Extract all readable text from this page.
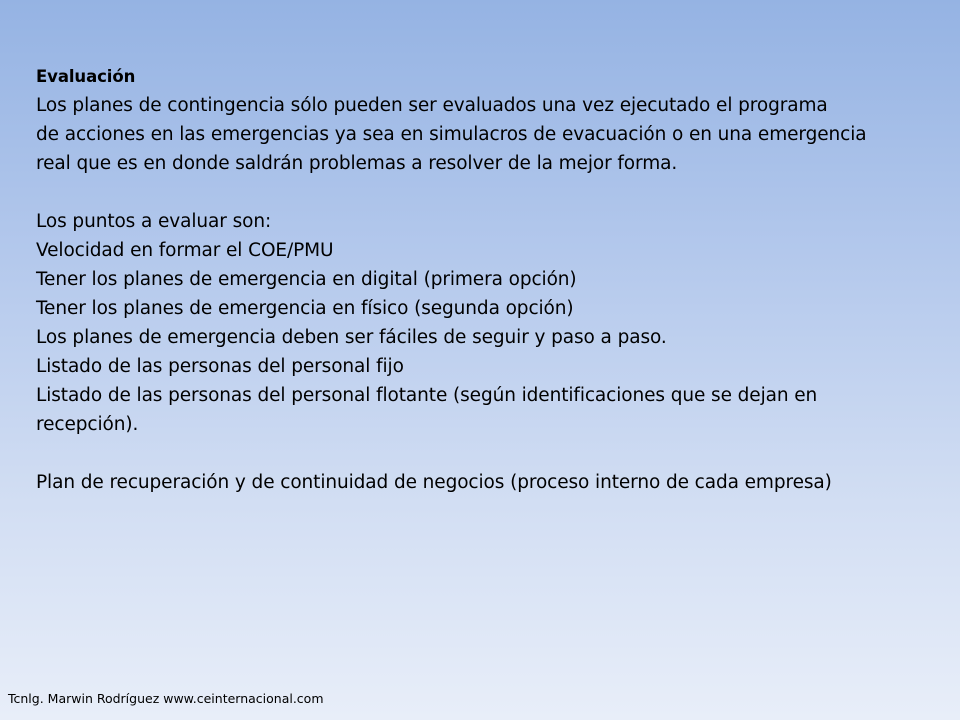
Evaluación
Los planes de contingencia sólo pueden ser evaluados una vez ejecutado el programa
de acciones en las emergencias ya sea en simulacros de evacuación o en una emergencia
real que es en donde saldrán problemas a resolver de la mejor forma.
Los puntos a evaluar son:
Velocidad en formar el COE/PMU
Tener los planes de emergencia en digital (primera opción)
Tener los planes de emergencia en físico (segunda opción)
Los planes de emergencia deben ser fáciles de seguir y paso a paso.
Listado de las personas del personal fijo
Listado de las personas del personal flotante (según identificaciones que se dejan en
recepción).
Plan de recuperación y de continuidad de negocios (proceso interno de cada empresa)
Tcnlg. Marwin Rodríguez www.ceinternacional.com
